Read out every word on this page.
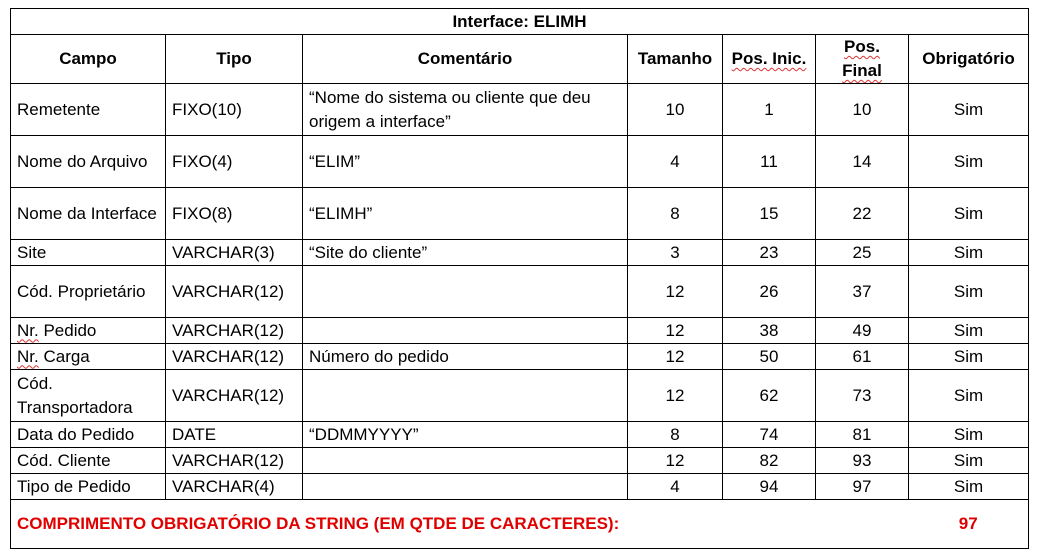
Interface: ELIMH						
Campo	Tipo	Comentário	Tamanho	Pos. Inic.	Pos. Final	Obrigatório
Remetente	FIXO(10)	“Nome do sistema ou cliente que deu origem a interface”	10	1	10	Sim
Nome do Arquivo	FIXO(4)	“ELIM”	4	11	14	Sim
Nome da Interface	FIXO(8)	“ELIMH”	8	15	22	Sim
Site	VARCHAR(3)	“Site do cliente”	3	23	25	Sim
Cód. Proprietário	VARCHAR(12)		12	26	37	Sim
Nr. Pedido	VARCHAR(12)		12	38	49	Sim
Nr. Carga	VARCHAR(12)	Número do pedido	12	50	61	Sim
Cód. Transportadora	VARCHAR(12)		12	62	73	Sim
Data do Pedido	DATE	“DDMMYYYY”	8	74	81	Sim
Cód. Cliente	VARCHAR(12)		12	82	93	Sim
Tipo de Pedido	VARCHAR(4)		4	94	97	Sim
COMPRIMENTO OBRIGATÓRIO DA STRING (EM QTDE DE CARACTERES):						97
